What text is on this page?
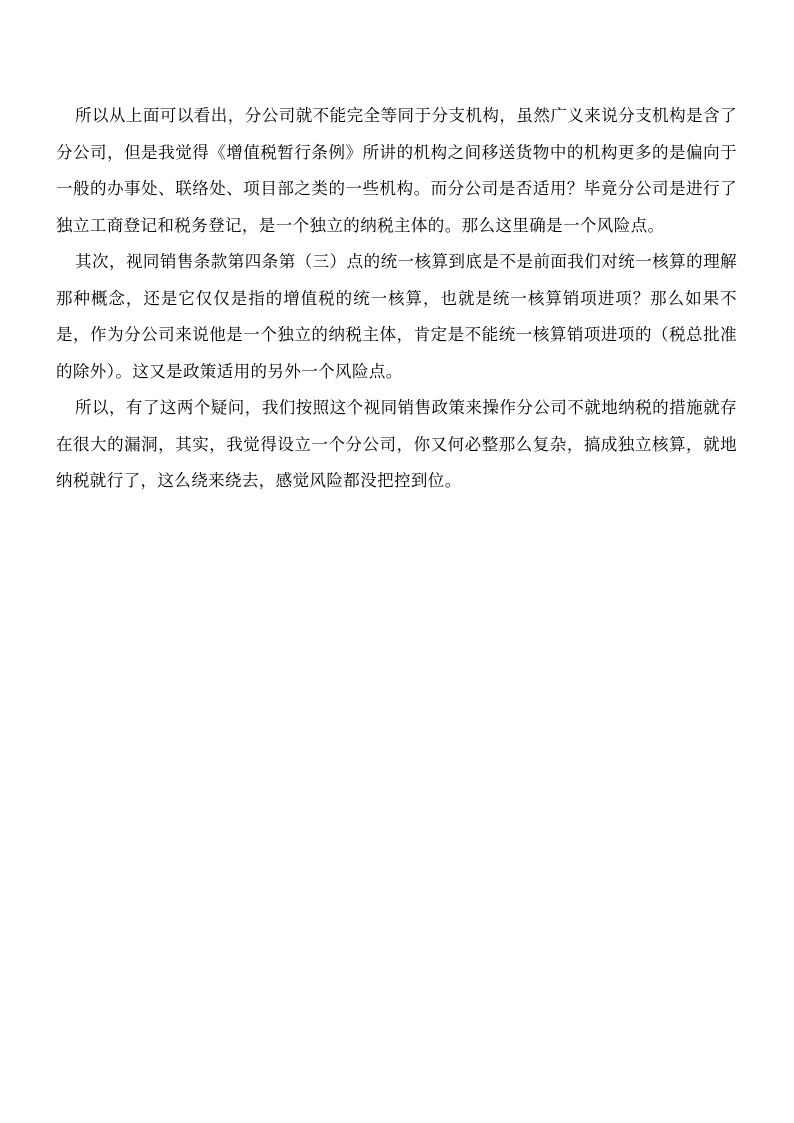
所以从上面可以看出，分公司就不能完全等同于分支机构，虽然广义来说分支机构是含了分公司，但是我觉得《增值税暂行条例》所讲的机构之间移送货物中的机构更多的是偏向于一般的办事处、联络处、项目部之类的一些机构。而分公司是否适用？毕竟分公司是进行了独立工商登记和税务登记，是一个独立的纳税主体的。那么这里确是一个风险点。

其次，视同销售条款第四条第（三）点的统一核算到底是不是前面我们对统一核算的理解那种概念，还是它仅仅是指的增值税的统一核算，也就是统一核算销项进项？那么如果不是，作为分公司来说他是一个独立的纳税主体，肯定是不能统一核算销项进项的（税总批准的除外）。这又是政策适用的另外一个风险点。

所以，有了这两个疑问，我们按照这个视同销售政策来操作分公司不就地纳税的措施就存在很大的漏洞，其实，我觉得设立一个分公司，你又何必整那么复杂，搞成独立核算，就地纳税就行了，这么绕来绕去，感觉风险都没把控到位。
